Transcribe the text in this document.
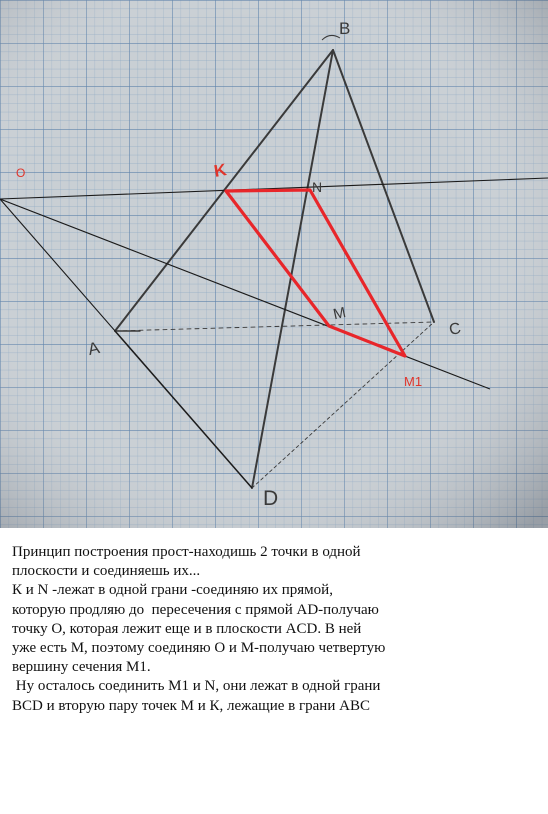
O
B
K
N
A
M
C
M1
D
Принцип построения прост-находишь 2 точки в одной
плоскости и соединяешь их...
К и N -лежат в одной грани -соединяю их прямой,
которую продляю до  пересечения с прямой AD-получаю
точку О, которая лежит еще и в плоскости ACD. В ней
уже есть М, поэтому соединяю О и М-получаю четвертую
вершину сечения М1.
Ну осталось соединить М1 и N, они лежат в одной грани
BCD и вторую пару точек М и К, лежащие в грани АВС
